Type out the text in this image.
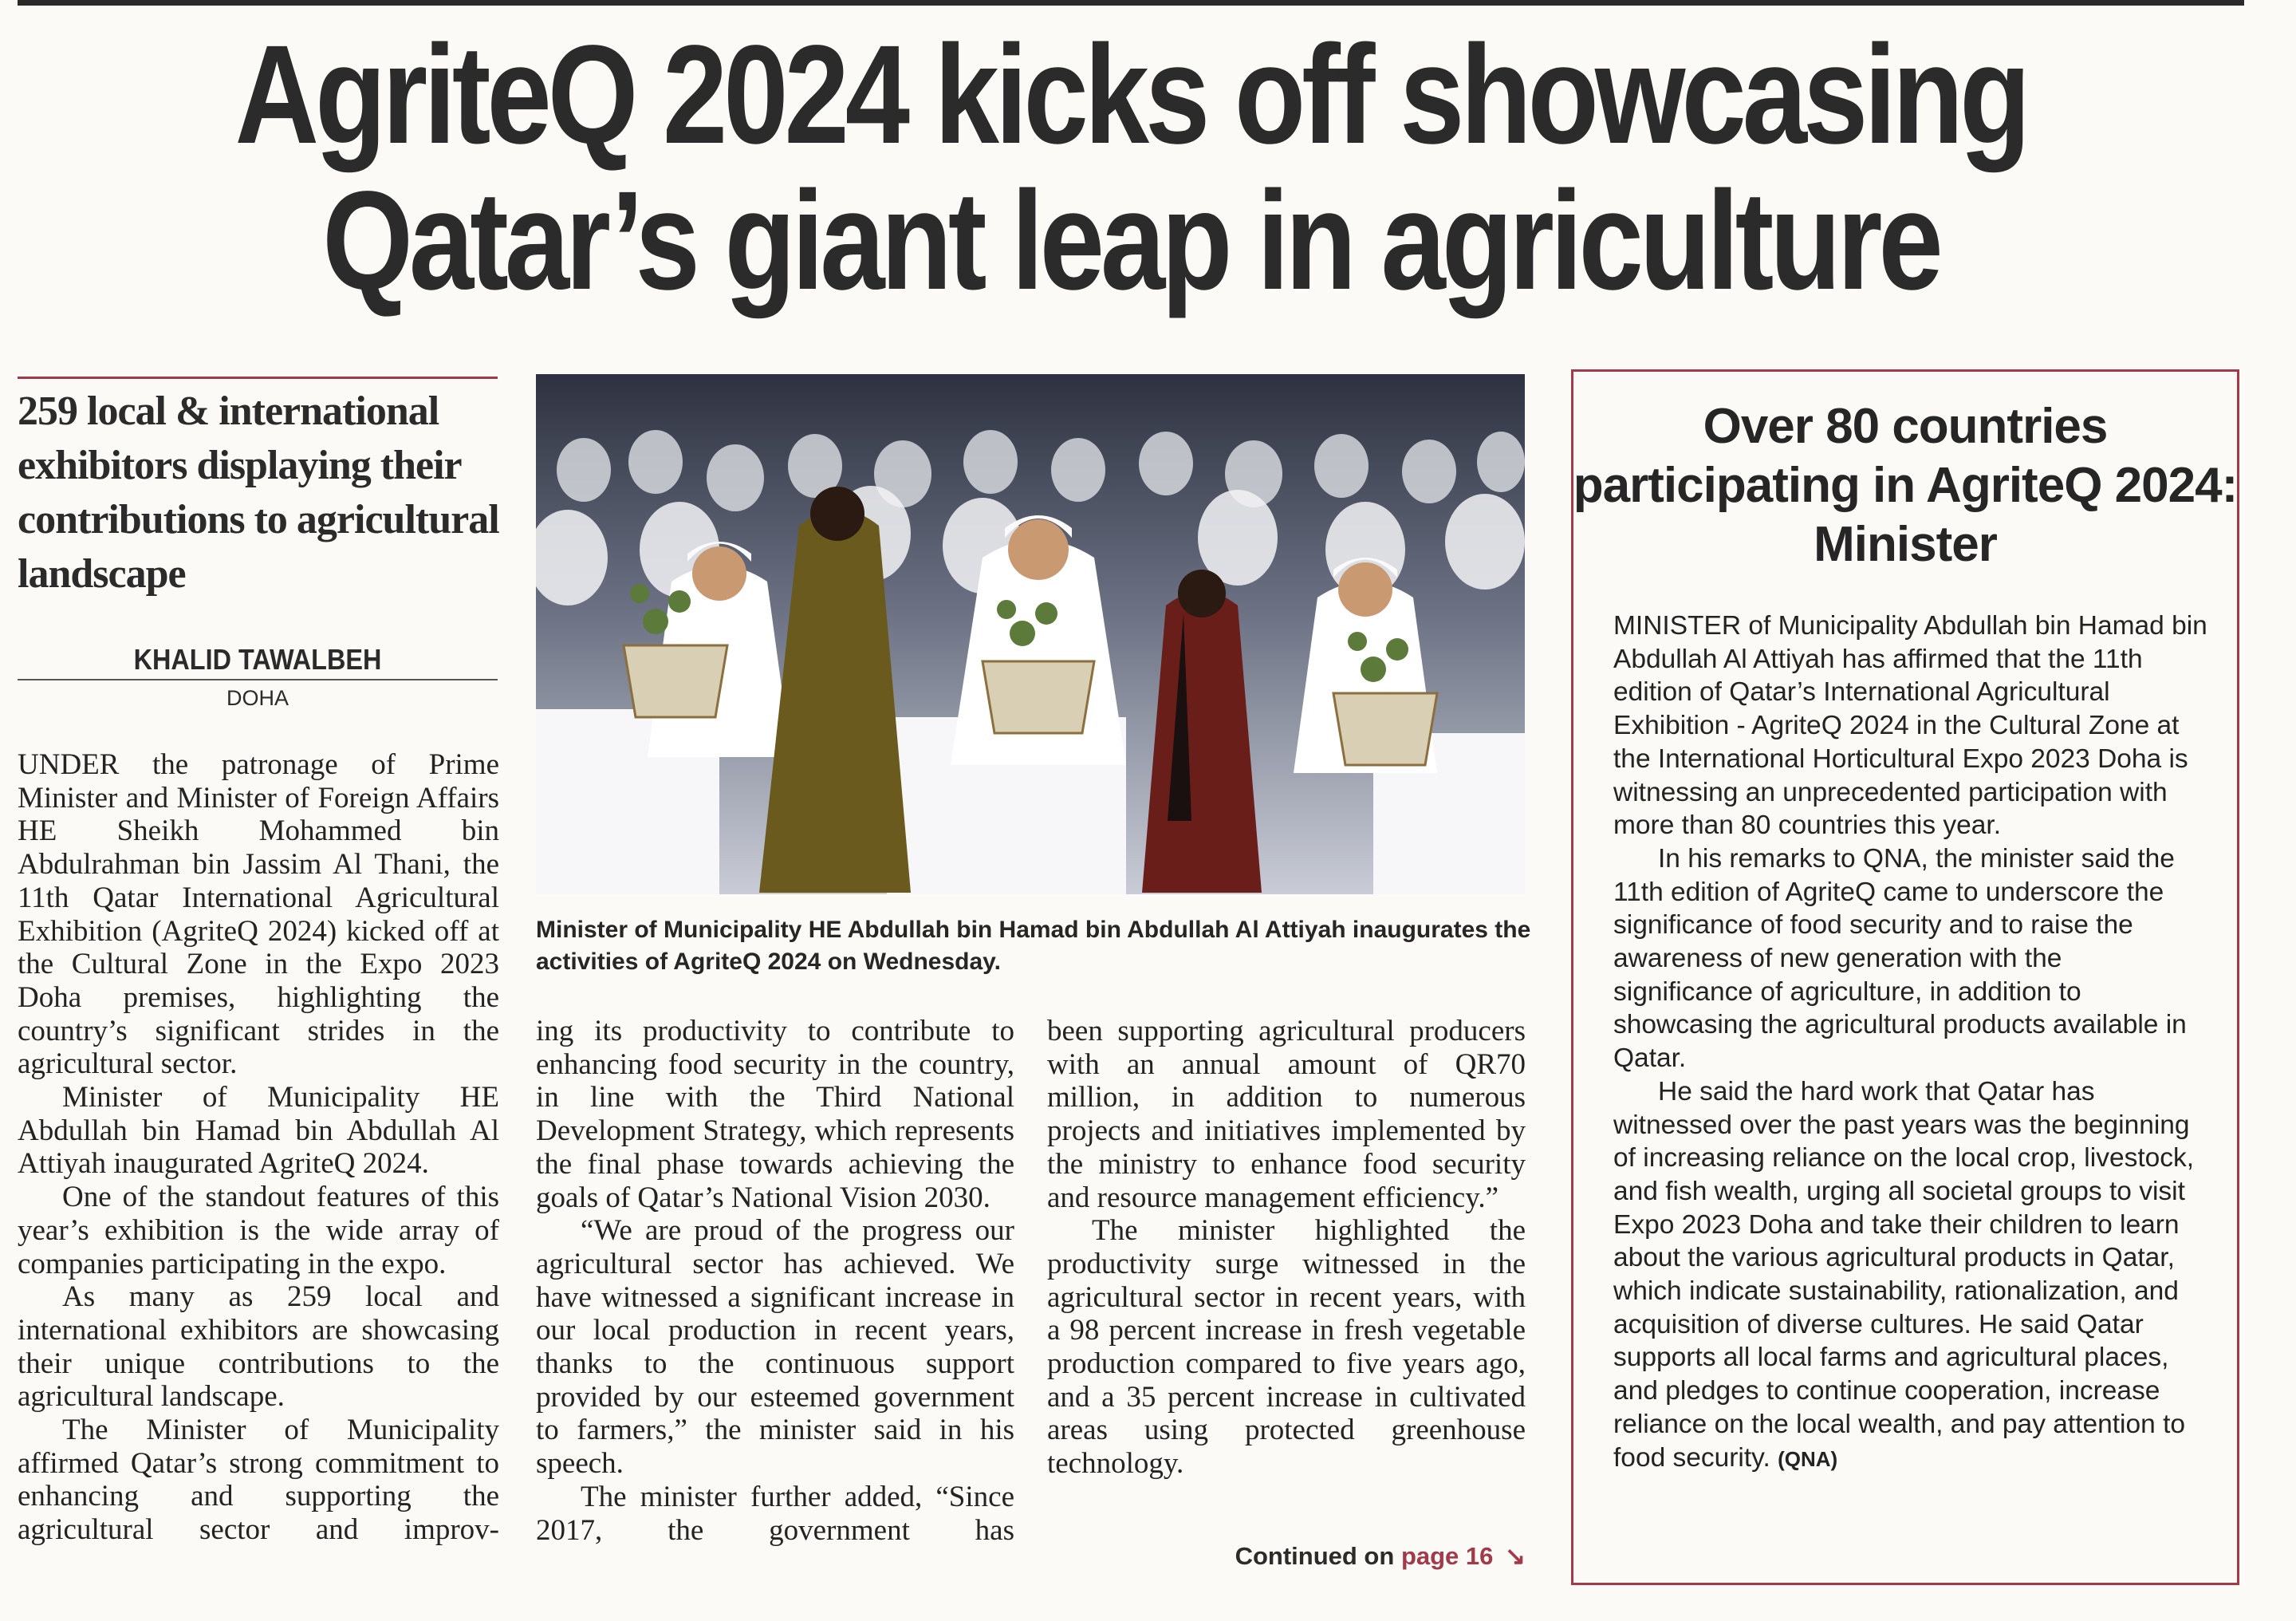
AgriteQ 2024 kicks off showcasing
Qatar’s giant leap in agriculture
259 local & international exhibitors displaying their contributions to agricultural landscape
KHALID TAWALBEH
DOHA

UNDER the patronage of Prime Minister and Minister of Foreign Affairs HE Sheikh Mohammed bin Abdulrahman bin Jassim Al Thani, the 11th Qatar International Agricultural Exhibition (AgriteQ 2024) kicked off at the Cultural Zone in the Expo 2023 Doha premises, highlighting the country’s significant strides in the agricultural sector.

Minister of Municipality HE Abdullah bin Hamad bin Abdullah Al Attiyah inaugurated AgriteQ 2024.

One of the standout features of this year’s exhibition is the wide array of companies participating in the expo.

As many as 259 local and international exhibitors are showcasing their unique contributions to the agricultural landscape.

The Minister of Municipality affirmed Qatar’s strong commitment to enhancing and supporting the agricultural sector and improv-

Minister of Municipality HE Abdullah bin Hamad bin Abdullah Al Attiyah inaugurates the activities of AgriteQ 2024 on Wednesday.

ing its productivity to contribute to enhancing food security in the country, in line with the Third National Development Strategy, which represents the final phase towards achieving the goals of Qatar’s National Vision 2030.

“We are proud of the progress our agricultural sector has achieved. We have witnessed a significant increase in our local production in recent years, thanks to the continuous support provided by our esteemed government to farmers,” the minister said in his speech.

The minister further added, “Since 2017, the government has

been supporting agricultural producers with an annual amount of QR70 million, in addition to numerous projects and initiatives implemented by the ministry to enhance food security and resource management efficiency.”

The minister highlighted the productivity surge witnessed in the agricultural sector in recent years, with a 98 percent increase in fresh vegetable production compared to five years ago, and a 35 percent increase in cultivated areas using protected greenhouse technology.

Continued on page 16 ↘
Over 80 countries participating in AgriteQ 2024: Minister

MINISTER of Municipality Abdullah bin Hamad bin Abdullah Al Attiyah has affirmed that the 11th edition of Qatar’s International Agricultural Exhibition - AgriteQ 2024 in the Cultural Zone at the International Horticultural Expo 2023 Doha is witnessing an unprecedented participation with more than 80 countries this year.

In his remarks to QNA, the minister said the 11th edition of AgriteQ came to underscore the significance of food security and to raise the awareness of new generation with the significance of agriculture, in addition to showcasing the agricultural products available in Qatar.

He said the hard work that Qatar has witnessed over the past years was the beginning of increasing reliance on the local crop, livestock, and fish wealth, urging all societal groups to visit Expo 2023 Doha and take their children to learn about the various agricultural products in Qatar, which indicate sustainability, rationalization, and acquisition of diverse cultures. He said Qatar supports all local farms and agricultural places, and pledges to continue cooperation, increase reliance on the local wealth, and pay attention to food security. (QNA)
